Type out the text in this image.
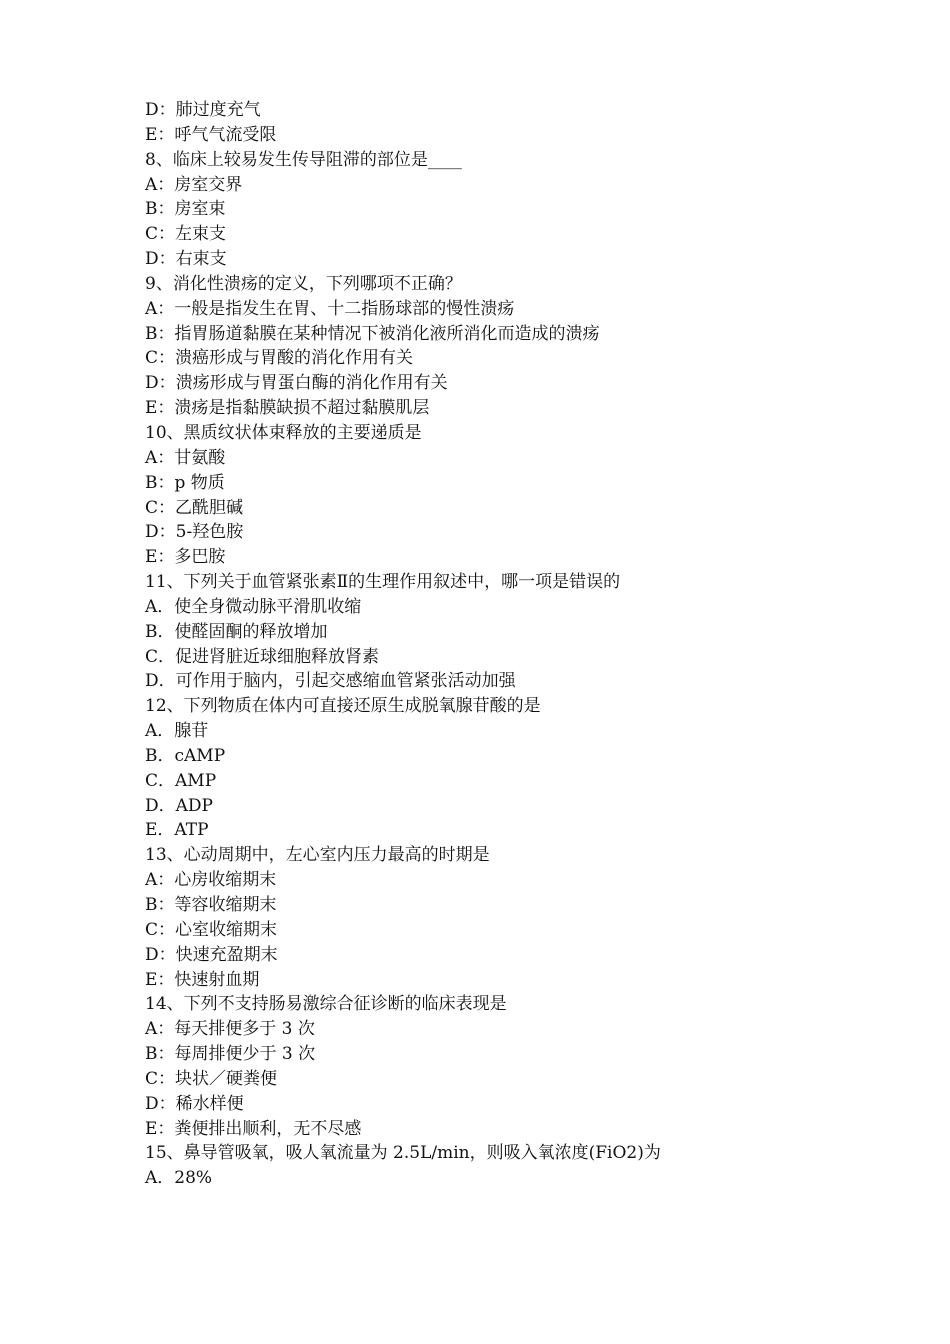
D：肺过度充气
E：呼气气流受限
8、临床上较易发生传导阻滞的部位是____
A：房室交界
B：房室束
C：左束支
D：右束支
9、消化性溃疡的定义，下列哪项不正确？
A：一般是指发生在胃、十二指肠球部的慢性溃疡
B：指胃肠道黏膜在某种情况下被消化液所消化而造成的溃疡
C：溃癌形成与胃酸的消化作用有关
D：溃疡形成与胃蛋白酶的消化作用有关
E：溃疡是指黏膜缺损不超过黏膜肌层
10、黑质纹状体束释放的主要递质是
A：甘氨酸
B：p 物质
C：乙酰胆碱
D：5-羟色胺
E：多巴胺
11、下列关于血管紧张素Ⅱ的生理作用叙述中，哪一项是错误的
A．使全身微动脉平滑肌收缩
B．使醛固酮的释放增加
C．促进肾脏近球细胞释放肾素
D．可作用于脑内，引起交感缩血管紧张活动加强
12、下列物质在体内可直接还原生成脱氧腺苷酸的是
A．腺苷
B．cAMP
C．AMP
D．ADP
E．ATP
13、心动周期中，左心室内压力最高的时期是
A：心房收缩期末
B：等容收缩期末
C：心室收缩期末
D：快速充盈期末
E：快速射血期
14、下列不支持肠易激综合征诊断的临床表现是
A：每天排便多于 3 次
B：每周排便少于 3 次
C：块状／硬粪便
D：稀水样便
E：粪便排出顺利，无不尽感
15、鼻导管吸氧，吸人氧流量为 2.5L/min，则吸入氧浓度(FiO2)为
A．28%
